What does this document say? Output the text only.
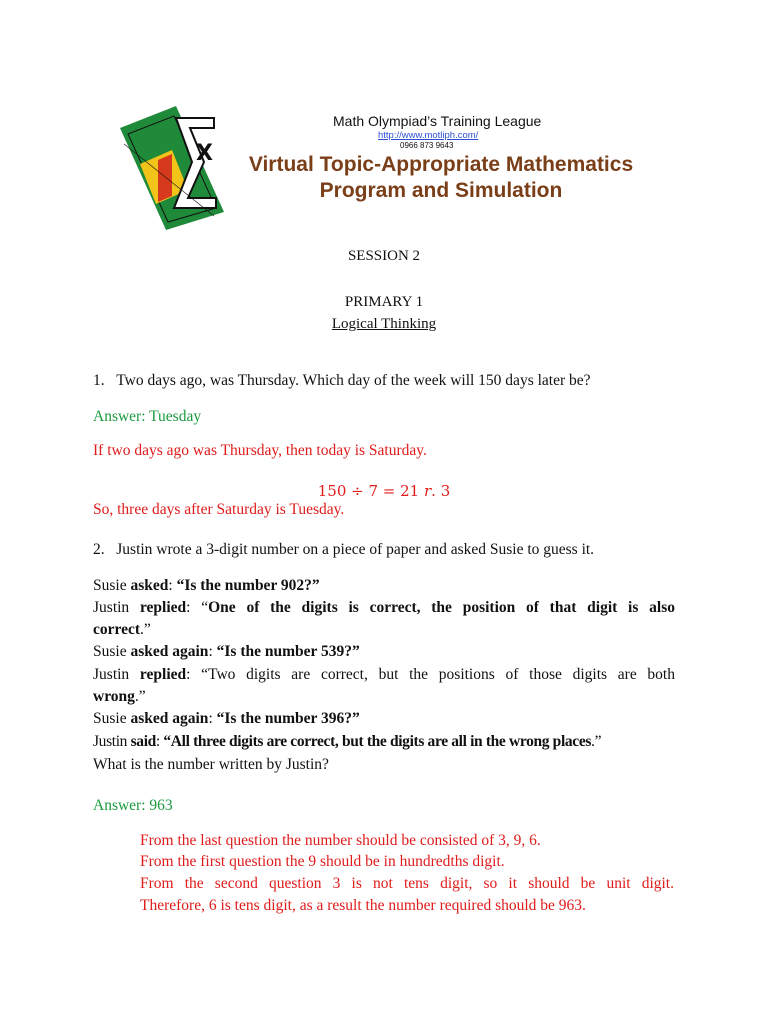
X
Math Olympiad’s Training League
http://www.motliph.com/
0966 873 9643
Virtual Topic-Appropriate Mathematics
Program and Simulation
SESSION 2
PRIMARY 1
Logical Thinking
1. Two days ago, was Thursday. Which day of the week will 150 days later be?
Answer: Tuesday
If two days ago was Thursday, then today is Saturday.
150 ÷ 7 = 21 𝑟. 3
So, three days after Saturday is Tuesday.
2. Justin wrote a 3-digit number on a piece of paper and asked Susie to guess it.
Susie asked: “Is the number 902?”
Justin replied: “One of the digits is correct, the position of that digit is also
correct.”
Susie asked again: “Is the number 539?”
Justin replied: “Two digits are correct, but the positions of those digits are both
wrong.”
Susie asked again: “Is the number 396?”
Justin said: “All three digits are correct, but the digits are all in the wrong places.”
What is the number written by Justin?
Answer: 963
From the last question the number should be consisted of 3, 9, 6.
From the first question the 9 should be in hundredths digit.
From the second question 3 is not tens digit, so it should be unit digit.
Therefore, 6 is tens digit, as a result the number required should be 963.
